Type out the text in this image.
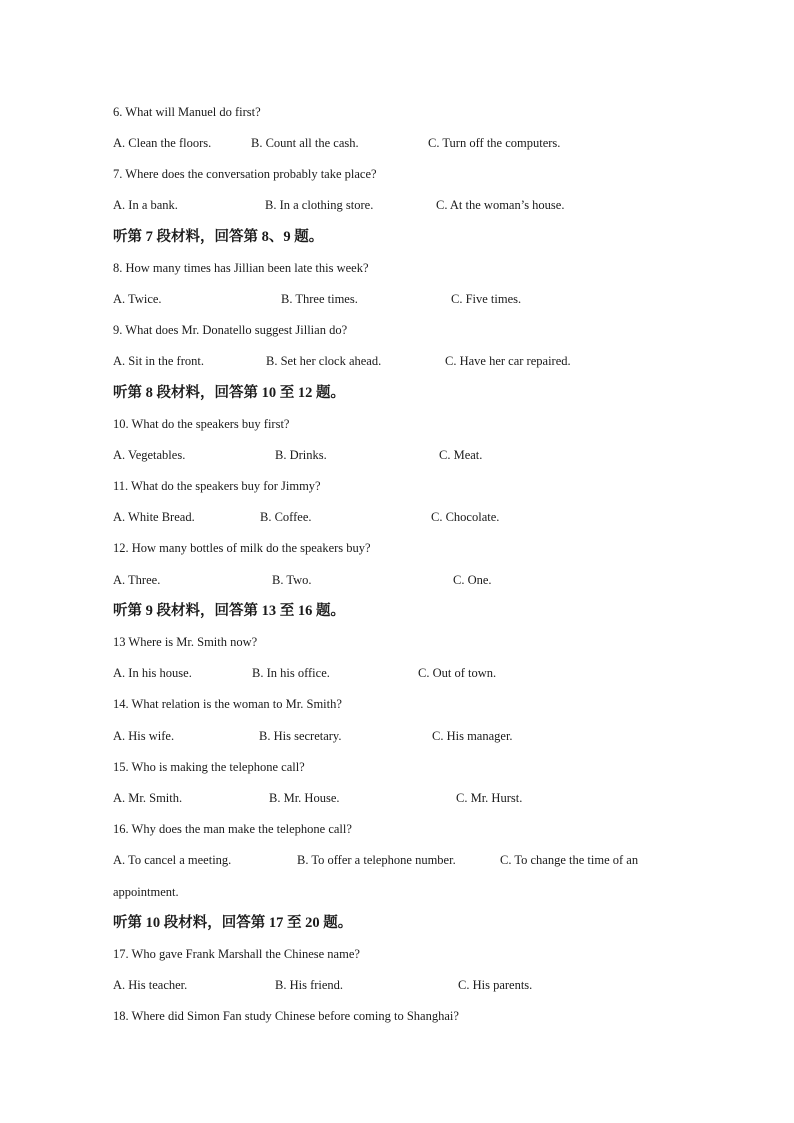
6. What will Manuel do first?
A. Clean the floors.	B. Count all the cash.	C. Turn off the computers.
7. Where does the conversation probably take place?
A. In a bank.	B. In a clothing store.	C. At the woman’s house.
听第 7 段材料，回答第 8、9 题。
8. How many times has Jillian been late this week?
A. Twice.	B. Three times.	C. Five times.
9. What does Mr. Donatello suggest Jillian do?
A. Sit in the front.	B. Set her clock ahead.	C. Have her car repaired.
听第 8 段材料，回答第 10 至 12 题。
10. What do the speakers buy first?
A. Vegetables.	B. Drinks.	C. Meat.
11. What do the speakers buy for Jimmy?
A. White Bread.	B. Coffee.	C. Chocolate.
12. How many bottles of milk do the speakers buy?
A. Three.	B. Two.	C. One.
听第 9 段材料，回答第 13 至 16 题。
13 Where is Mr. Smith now?
A. In his house.	B. In his office.	C. Out of town.
14. What relation is the woman to Mr. Smith?
A. His wife.	B. His secretary.	C. His manager.
15. Who is making the telephone call?
A. Mr. Smith.	B. Mr. House.	C. Mr. Hurst.
16. Why does the man make the telephone call?
A. To cancel a meeting.	B. To offer a telephone number.	C. To change the time of an
appointment.
听第 10 段材料，回答第 17 至 20 题。
17. Who gave Frank Marshall the Chinese name?
A. His teacher.	B. His friend.	C. His parents.
18. Where did Simon Fan study Chinese before coming to Shanghai?
